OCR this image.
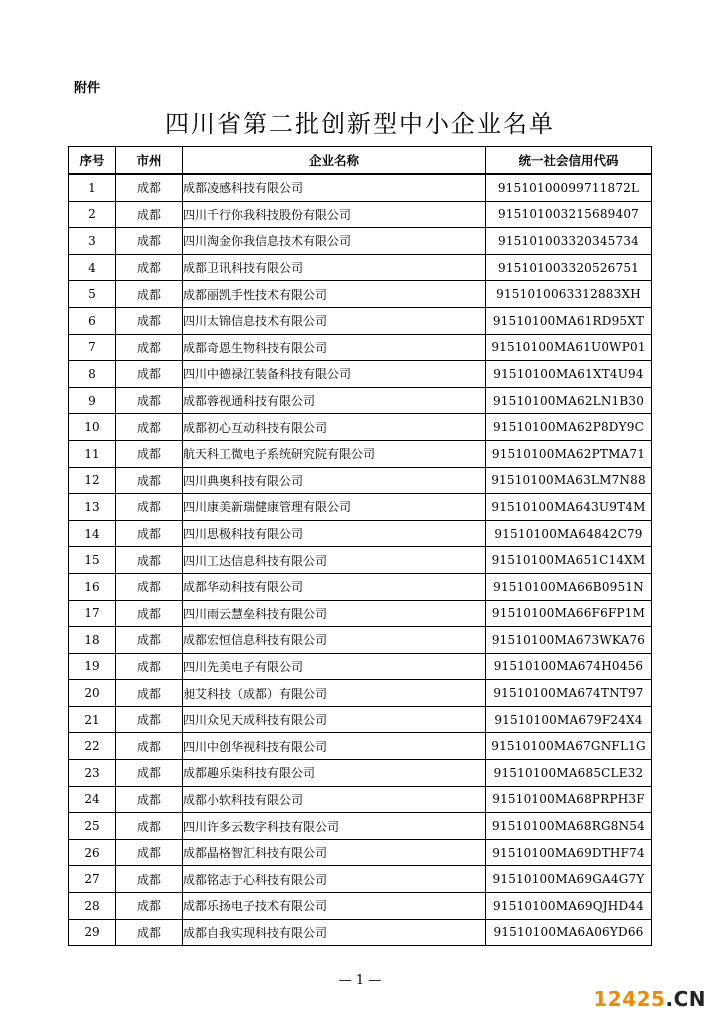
附件
四川省第二批创新型中小企业名单
序号	市州	企业名称	统一社会信用代码
1	成都	成都凌感科技有限公司	91510100099711872L
2	成都	四川千行你我科技股份有限公司	915101003215689407
3	成都	四川淘金你我信息技术有限公司	915101003320345734
4	成都	成都卫讯科技有限公司	915101003320526751
5	成都	成都丽凯手性技术有限公司	9151010063312883XH
6	成都	四川太锦信息技术有限公司	91510100MA61RD95XT
7	成都	成都奇恩生物科技有限公司	91510100MA61U0WP01
8	成都	四川中德禄江装备科技有限公司	91510100MA61XT4U94
9	成都	成都蓉视通科技有限公司	91510100MA62LN1B30
10	成都	成都初心互动科技有限公司	91510100MA62P8DY9C
11	成都	航天科工微电子系统研究院有限公司	91510100MA62PTMA71
12	成都	四川典奥科技有限公司	91510100MA63LM7N88
13	成都	四川康美新瑞健康管理有限公司	91510100MA643U9T4M
14	成都	四川思极科技有限公司	91510100MA64842C79
15	成都	四川工达信息科技有限公司	91510100MA651C14XM
16	成都	成都华动科技有限公司	91510100MA66B0951N
17	成都	四川雨云慧垒科技有限公司	91510100MA66F6FP1M
18	成都	成都宏恒信息科技有限公司	91510100MA673WKA76
19	成都	四川先美电子有限公司	91510100MA674H0456
20	成都	昶艾科技（成都）有限公司	91510100MA674TNT97
21	成都	四川众见天成科技有限公司	91510100MA679F24X4
22	成都	四川中创华视科技有限公司	91510100MA67GNFL1G
23	成都	成都趣乐柒科技有限公司	91510100MA685CLE32
24	成都	成都小软科技有限公司	91510100MA68PRPH3F
25	成都	四川许多云数字科技有限公司	91510100MA68RG8N54
26	成都	成都晶格智汇科技有限公司	91510100MA69DTHF74
27	成都	成都铭志于心科技有限公司	91510100MA69GA4G7Y
28	成都	成都乐扬电子技术有限公司	91510100MA69QJHD44
29	成都	成都自我实现科技有限公司	91510100MA6A06YD66
— 1 —
12425.CN
